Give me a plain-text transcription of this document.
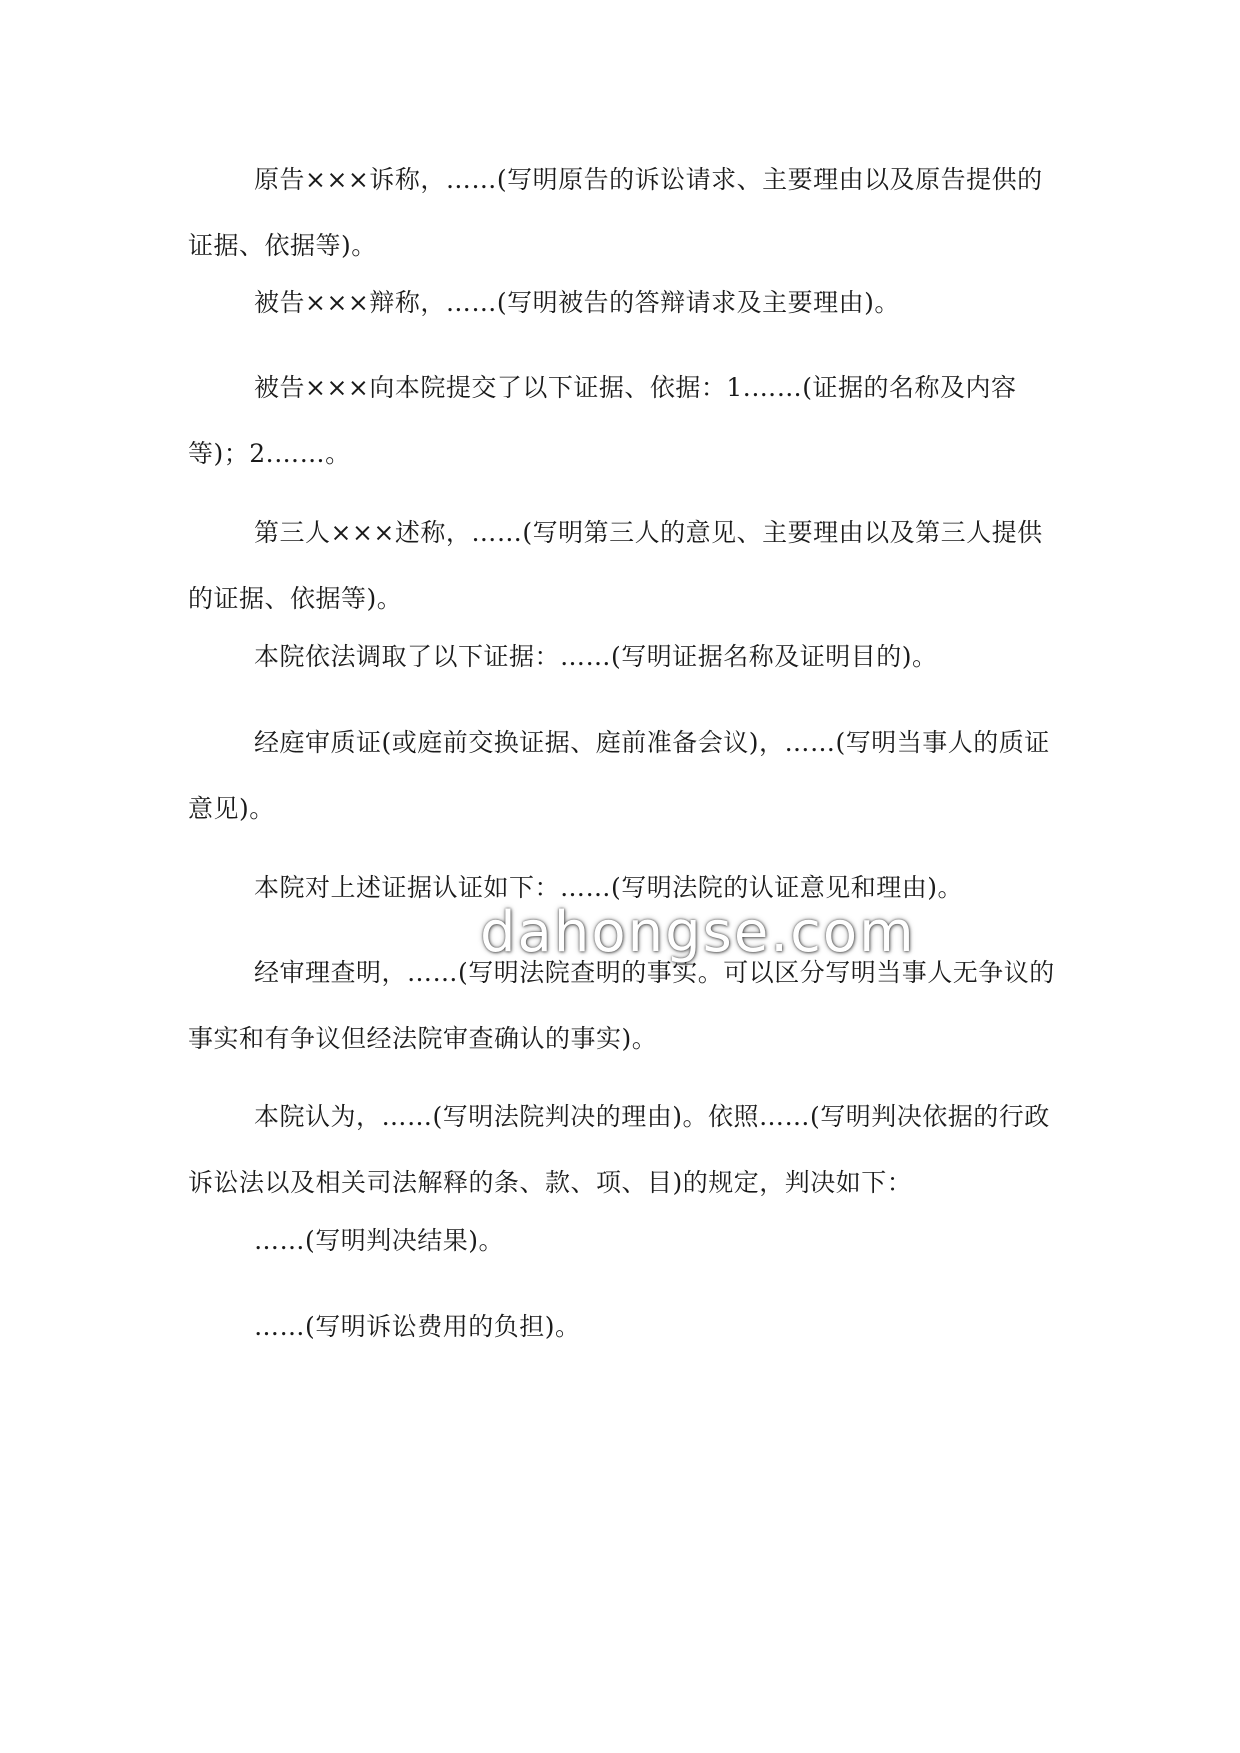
原告×××诉称，……(写明原告的诉讼请求、主要理由以及原告提供的证据、依据等)。

被告×××辩称，……(写明被告的答辩请求及主要理由)。

被告×××向本院提交了以下证据、依据：1.……(证据的名称及内容等)；2.……。

第三人×××述称，……(写明第三人的意见、主要理由以及第三人提供的证据、依据等)。

本院依法调取了以下证据：……(写明证据名称及证明目的)。

经庭审质证(或庭前交换证据、庭前准备会议)，……(写明当事人的质证意见)。

本院对上述证据认证如下：……(写明法院的认证意见和理由)。

经审理查明，……(写明法院查明的事实。可以区分写明当事人无争议的事实和有争议但经法院审查确认的事实)。

本院认为，……(写明法院判决的理由)。依照……(写明判决依据的行政诉讼法以及相关司法解释的条、款、项、目)的规定，判决如下：

……(写明判决结果)。

……(写明诉讼费用的负担)。

dahongse.com
